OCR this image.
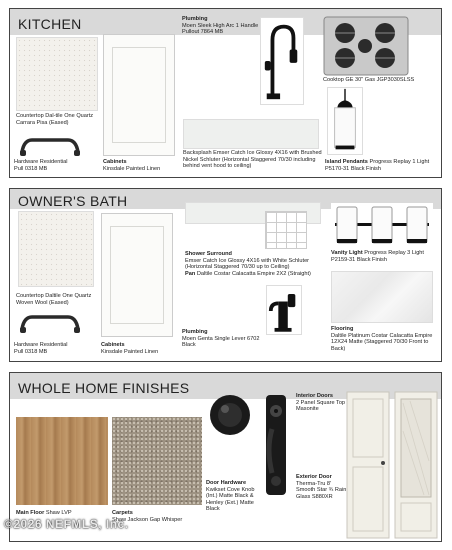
KITCHEN
Countertop Dal-tile One Quartz Carrara Pisa (Eased)
Hardware Residential Pull 0318 MB
Cabinets
Kinsdale Painted Linen
Plumbing
Moen Sleek High Arc 1 Handle Pullout 7864 MB
Cooktop GE 30" Gas JGP3030SLSS
Backsplash Emser Catch Ice Glossy 4X16 with Brushed Nickel Schluter (Horizontal Staggered 70/30 including behind vent hood to ceiling)
Island Pendants Progress Replay 1 Light P5170-31 Black Finish
OWNER'S BATH
Countertop Daltile One Quartz Woven Wool (Eased)
Hardware Residential Pull 0318 MB
Cabinets
Kinsdale Painted Linen
Shower Surround
Emser Catch Ice Glossy 4X16 with White Schluter (Horizontal Staggered 70/30 up to Ceiling)
Pan Daltile Costar Calacatta Empire 2X2 (Straight)
Plumbing
Moen Genta Single Lever 6702 Black
Vanity Light Progress Replay 3 Light P2159-31 Black Finish
Flooring
Daltile Platinum Costar Calacatta Empire 12X24 Matte (Staggered 70/30 Front to Back)
WHOLE HOME FINISHES
Main Floor Shaw LVP	Carpets
Shaw Jackson Gap Whisper
Door Hardware
Kwikset Cove Knob (Int.) Matte Black & Henley (Ext.) Matte Black
Interior Doors
2 Panel Square Top Masonite
Exterior Door
Therma-Tru 8' Smooth Star ¾ Rain Glass S880XR
©2026 NEFMLS, Inc.
